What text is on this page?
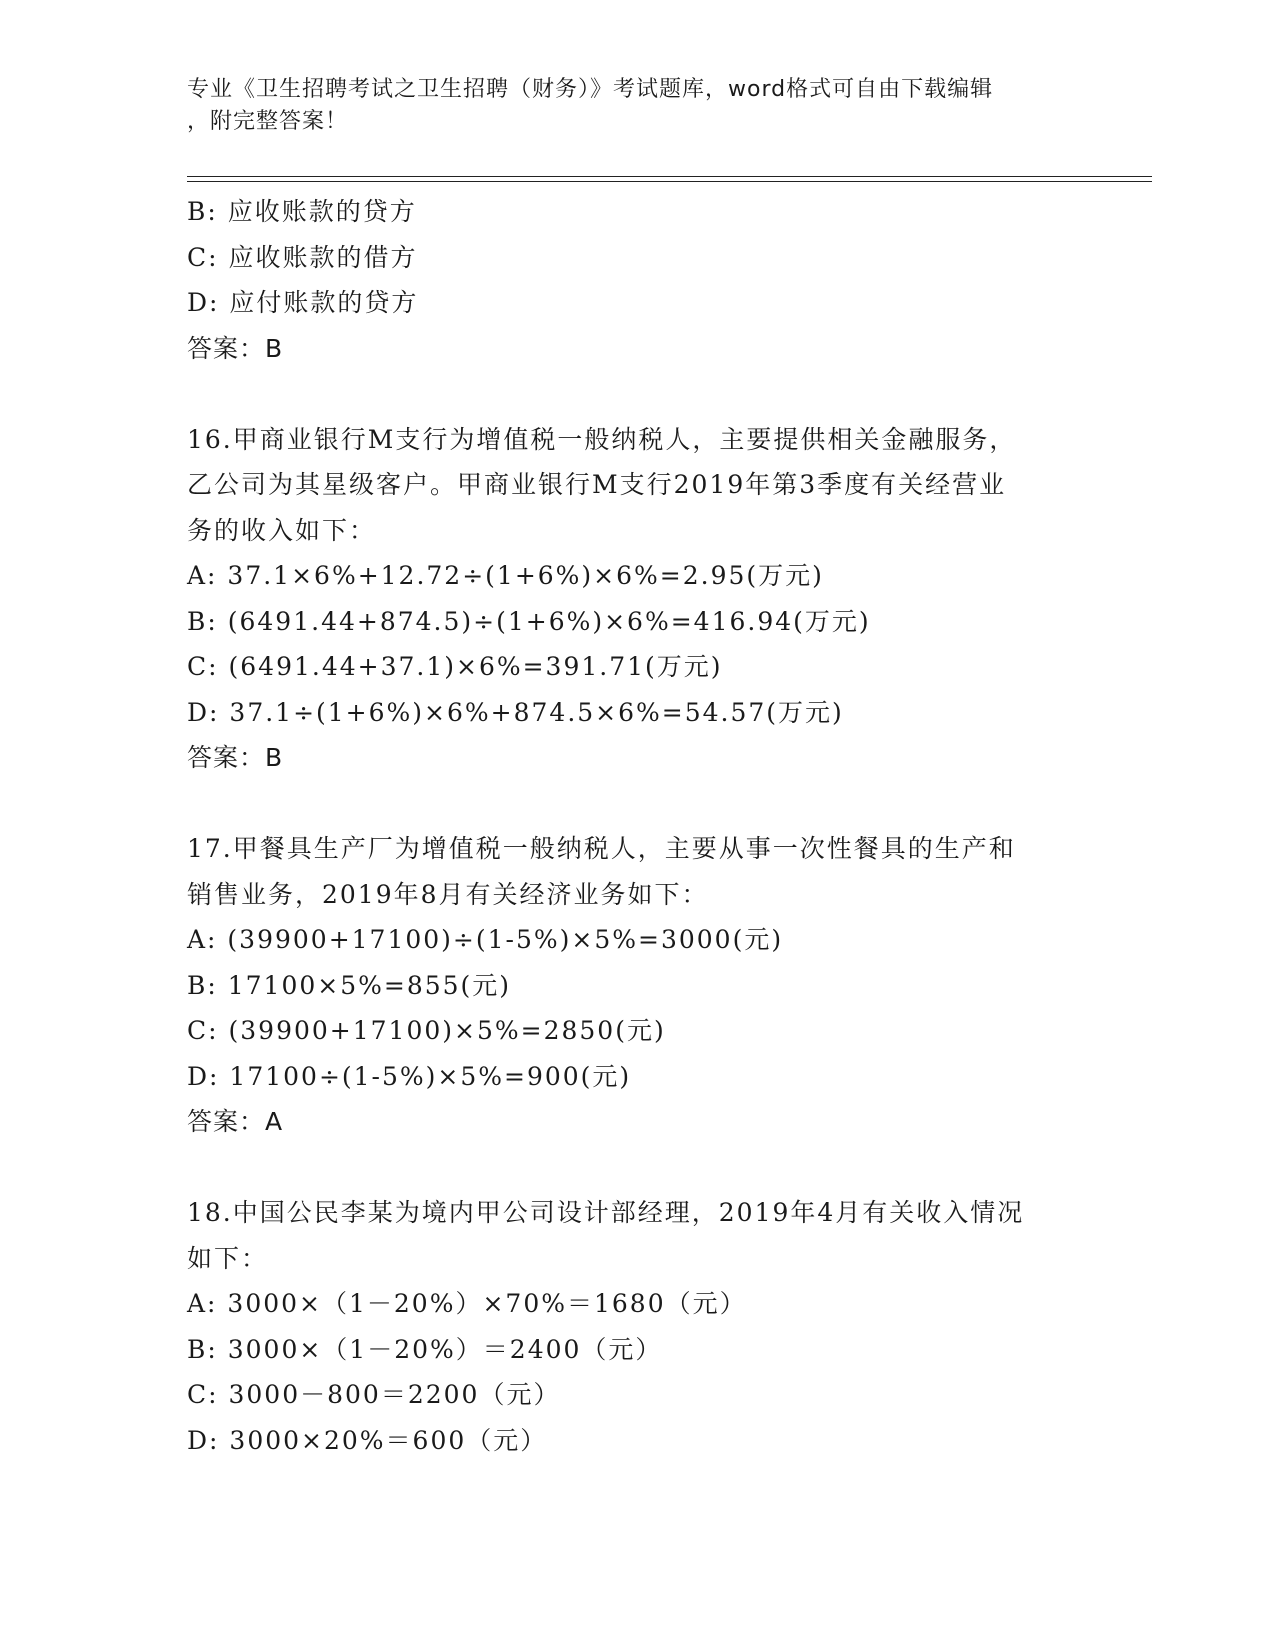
专业《卫生招聘考试之卫生招聘（财务）》考试题库，word格式可自由下载编辑
，附完整答案！
B: 应收账款的贷方
C: 应收账款的借方
D: 应付账款的贷方
答案：B
16.甲商业银行M支行为增值税一般纳税人，主要提供相关金融服务，
乙公司为其星级客户。甲商业银行M支行2019年第3季度有关经营业
务的收入如下：
A: 37.1×6%+12.72÷(1+6%)×6%=2.95(万元)
B: (6491.44+874.5)÷(1+6%)×6%=416.94(万元)
C: (6491.44+37.1)×6%=391.71(万元)
D: 37.1÷(1+6%)×6%+874.5×6%=54.57(万元)
答案：B
17.甲餐具生产厂为增值税一般纳税人，主要从事一次性餐具的生产和
销售业务，2019年8月有关经济业务如下：
A: (39900+17100)÷(1-5%)×5%=3000(元)
B: 17100×5%=855(元)
C: (39900+17100)×5%=2850(元)
D: 17100÷(1-5%)×5%=900(元)
答案：A
18.中国公民李某为境内甲公司设计部经理，2019年4月有关收入情况
如下：
A: 3000×（1－20%）×70%＝1680（元）
B: 3000×（1－20%）＝2400（元）
C: 3000－800＝2200（元）
D: 3000×20%＝600（元）
